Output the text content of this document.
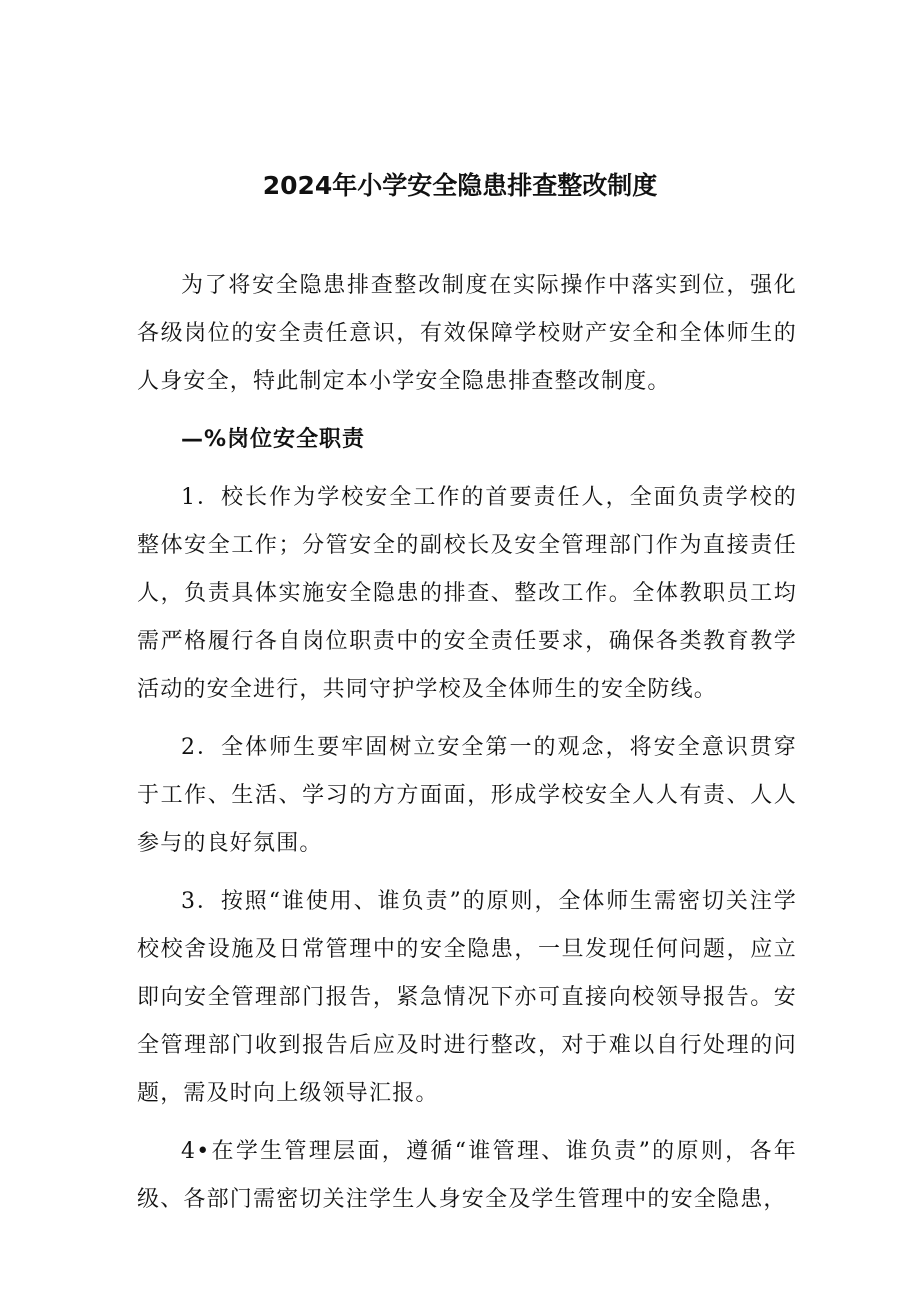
2024年小学安全隐患排查整改制度

为了将安全隐患排查整改制度在实际操作中落实到位，强化各级岗位的安全责任意识，有效保障学校财产安全和全体师生的人身安全，特此制定本小学安全隐患排查整改制度。

—%岗位安全职责

1．校长作为学校安全工作的首要责任人，全面负责学校的整体安全工作；分管安全的副校长及安全管理部门作为直接责任人，负责具体实施安全隐患的排查、整改工作。全体教职员工均需严格履行各自岗位职责中的安全责任要求，确保各类教育教学活动的安全进行，共同守护学校及全体师生的安全防线。

2．全体师生要牢固树立安全第一的观念，将安全意识贯穿于工作、生活、学习的方方面面，形成学校安全人人有责、人人参与的良好氛围。

3．按照“谁使用、谁负责”的原则，全体师生需密切关注学校校舍设施及日常管理中的安全隐患，一旦发现任何问题，应立即向安全管理部门报告，紧急情况下亦可直接向校领导报告。安全管理部门收到报告后应及时进行整改，对于难以自行处理的问题，需及时向上级领导汇报。

4•在学生管理层面，遵循“谁管理、谁负责”的原则，各年级、各部门需密切关注学生人身安全及学生管理中的安全隐患，
